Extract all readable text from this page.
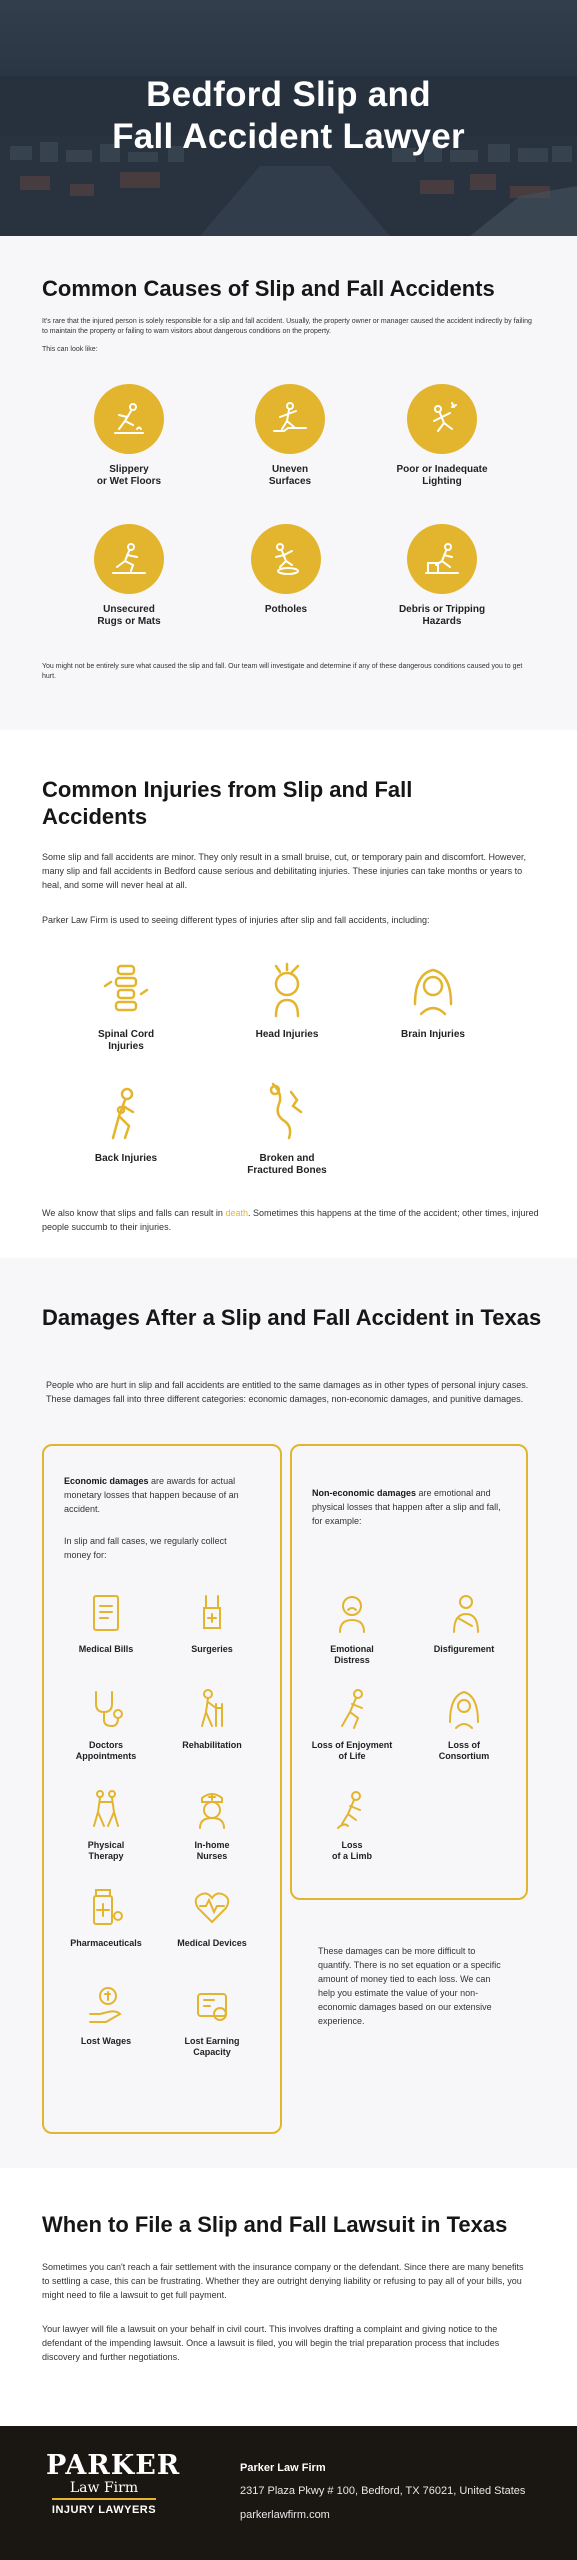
Bedford Slip and
Fall Accident Lawyer
Common Causes of Slip and Fall Accidents

It's rare that the injured person is solely responsible for a slip and fall accident. Usually, the property owner or manager caused the accident indirectly by failing to maintain the property or failing to warn visitors about dangerous conditions on the property.

This can look like:

Slippery
or Wet Floors
Uneven
Surfaces
Poor or Inadequate
Lighting
Unsecured
Rugs or Mats
Potholes	Debris or Tripping
Hazards

You might not be entirely sure what caused the slip and fall. Our team will investigate and determine if any of these dangerous conditions caused you to get hurt.

Common Injuries from Slip and Fall Accidents

Some slip and fall accidents are minor. They only result in a small bruise, cut, or temporary pain and discomfort. However, many slip and fall accidents in Bedford cause serious and debilitating injuries. These injuries can take months or years to heal, and some will never heal at all.

Parker Law Firm is used to seeing different types of injuries after slip and fall accidents, including:

Spinal Cord
Injuries
Head Injuries	Brain Injuries
Back Injuries	Broken and
Fractured Bones

We also know that slips and falls can result in death. Sometimes this happens at the time of the accident; other times, injured people succumb to their injuries.

Damages After a Slip and Fall Accident in Texas

People who are hurt in slip and fall accidents are entitled to the same damages as in other types of personal injury cases. These damages fall into three different categories: economic damages, non-economic damages, and punitive damages.

Economic damages are awards for actual monetary losses that happen because of an accident.

In slip and fall cases, we regularly collect money for:

Medical Bills	Surgeries
Doctors
Appointments
Rehabilitation
Physical
Therapy
In-home
Nurses
Pharmaceuticals	Medical Devices
Lost Wages	Lost Earning
Capacity

Non-economic damages are emotional and physical losses that happen after a slip and fall, for example:

Emotional
Distress
Disfigurement
Loss of Enjoyment
of Life
Loss of
Consortium
Loss
of a Limb

These damages can be more difficult to quantify. There is no set equation or a specific amount of money tied to each loss. We can help you estimate the value of your non-economic damages based on our extensive experience.

When to File a Slip and Fall Lawsuit in Texas

Sometimes you can't reach a fair settlement with the insurance company or the defendant. Since there are many benefits to settling a case, this can be frustrating. Whether they are outright denying liability or refusing to pay all of your bills, you might need to file a lawsuit to get full payment.

Your lawyer will file a lawsuit on your behalf in civil court. This involves drafting a complaint and giving notice to the defendant of the impending lawsuit. Once a lawsuit is filed, you will begin the trial preparation process that includes discovery and further negotiations.

PARKER
Law Firm
INJURY LAWYERS
Parker Law Firm
2317 Plaza Pkwy # 100, Bedford, TX 76021, United States
parkerlawfirm.com
